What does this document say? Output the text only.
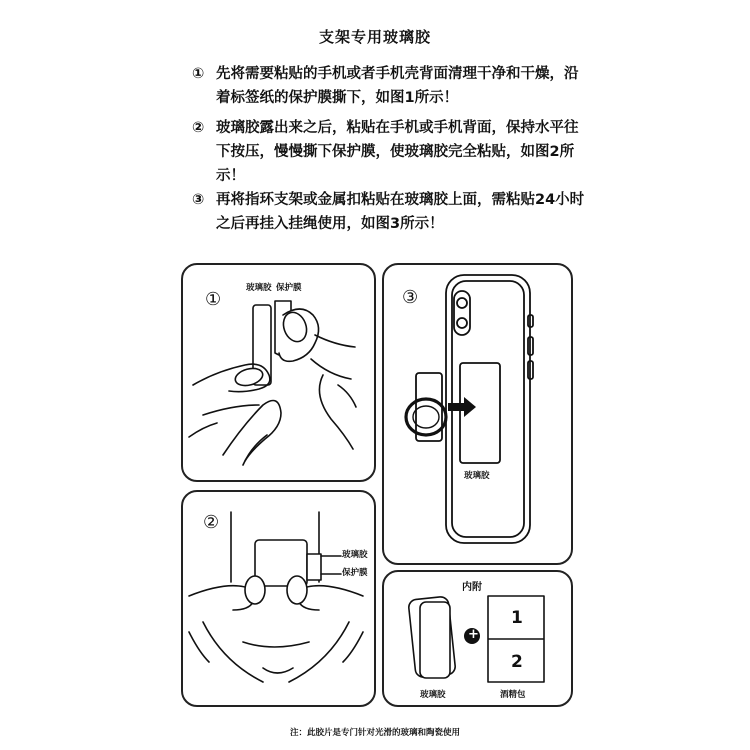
支架专用玻璃胶
① 先将需要粘贴的手机或者手机壳背面清理干净和干燥，沿着标签纸的保护膜撕下，如图1所示！
② 玻璃胶露出来之后，粘贴在手机或手机背面，保持水平往下按压，慢慢撕下保护膜，使玻璃胶完全粘贴，如图2所示！
③ 再将指环支架或金属扣粘贴在玻璃胶上面，需粘贴24小时之后再挂入挂绳使用，如图3所示！
①
玻璃胶 保护膜
②
玻璃胶
保护膜
③
玻璃胶
内附
+
1
2
玻璃胶	酒精包
注：此胶片是专门针对光滑的玻璃和陶瓷使用
